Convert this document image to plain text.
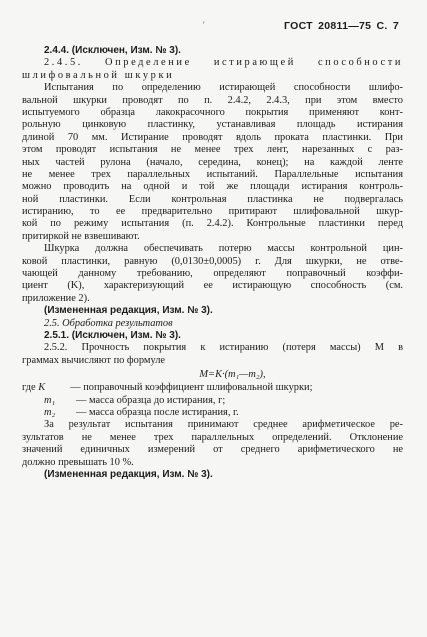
'	ГОСТ 20811—75 С. 7
2.4.4. (Исключен, Изм. № 3).
2.4.5. Определение истирающей способности
шлифовальной шкурки
Испытания по определению истирающей способности шлифо-
вальной шкурки проводят по п. 2.4.2, 2.4.3, при этом вместо
испытуемого образца лакокрасочного покрытия применяют конт-
рольную цинковую пластинку, устанавливая площадь истирания
длиной 70 мм. Истирание проводят вдоль проката пластинки. При
этом проводят испытания не менее трех лент, нарезанных с раз-
ных частей рулона (начало, середина, конец); на каждой ленте
не менее трех параллельных испытаний. Параллельные испытания
можно проводить на одной и той же площади истирания контроль-
ной пластинки. Если контрольная пластинка не подвергалась
истиранию, то ее предварительно притирают шлифовальной шкур-
кой по режиму испытания (п. 2.4.2). Контрольные пластинки перед
притиркой не взвешивают.
Шкурка должна обеспечивать потерю массы контрольной цин-
ковой пластинки, равную (0,0130±0,0005) г. Для шкурки, не отве-
чающей данному требованию, определяют поправочный коэффи-
циент (K), характеризующий ее истирающую способность (см.
приложение 2).
(Измененная редакция, Изм. № 3).
2.5. Обработка результатов
2.5.1. (Исключен, Изм. № 3).
2.5.2. Прочность покрытия к истиранию (потеря массы) M в
граммах вычисляют по формуле
M=K·(m₁—m₂),
где K — поправочный коэффициент шлифовальной шкурки;
m₁ — масса образца до истирания, г;
m₂ — масса образца после истирания, г.
За результат испытания принимают среднее арифметическое ре-
зультатов не менее трех параллельных определений. Отклонение
значений единичных измерений от среднего арифметического не
должно превышать 10 %.
(Измененная редакция, Изм. № 3).
